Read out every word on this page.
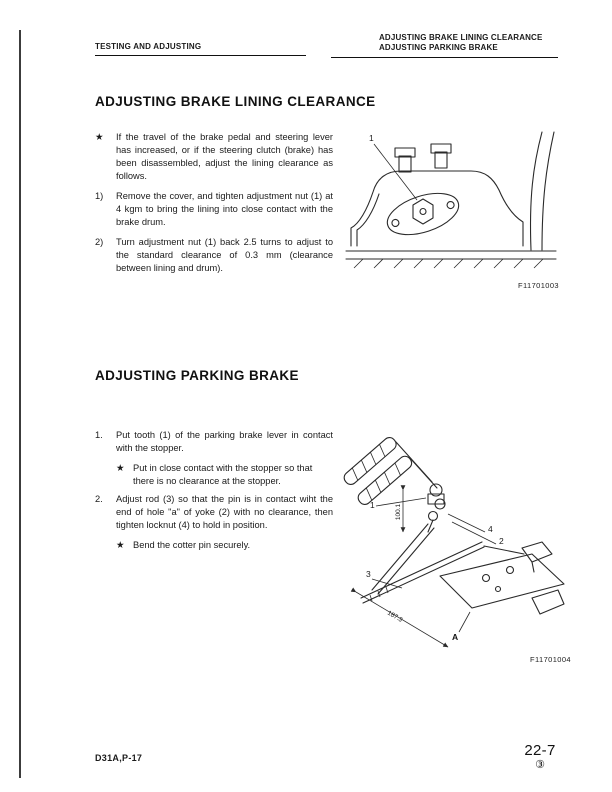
TESTING AND ADJUSTING
ADJUSTING BRAKE LINING CLEARANCE
ADJUSTING PARKING BRAKE
ADJUSTING BRAKE LINING CLEARANCE
★	If the travel of the brake pedal and steering lever has increased, or if the steering clutch (brake) has been disassembled, adjust the lining clearance as follows.
1)	Remove the cover, and tighten adjustment nut (1) at 4 kgm to bring the lining into close contact with the brake drum.
2)	Turn adjustment nut (1) back 2.5 turns to adjust to the standard clearance of 0.3 mm (clearance between lining and drum).
1
F11701003
ADJUSTING PARKING BRAKE
1.	Put tooth (1) of the parking brake lever in contact with the stopper.
★ Put in close contact with the stopper so that there is no clearance at the stopper.
2.	Adjust rod (3) so that the pin is in contact wiht the end of hole "a" of yoke (2) with no clearance, then tighten locknut (4) to hold in position.
★ Bend the cotter pin securely.
100.1
1
4
2
3
187.3
A
F11701004
D31A,P-17	22-7
③
